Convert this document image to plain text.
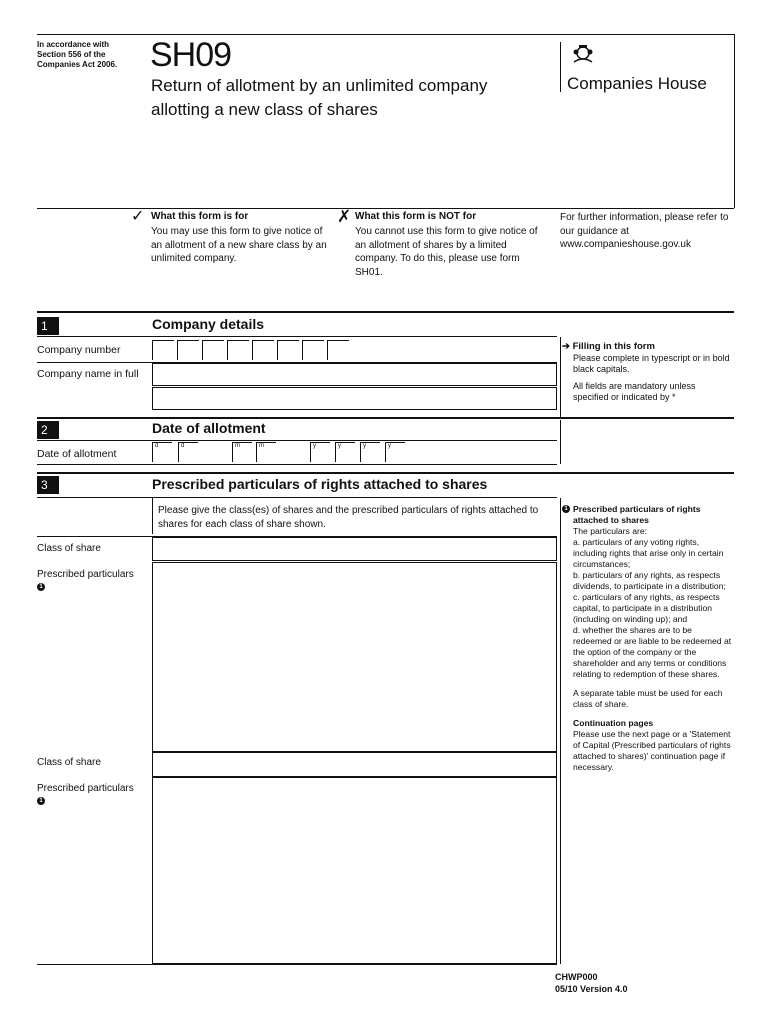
In accordance with Section 556 of the Companies Act 2006. SH09
Return of allotment by an unlimited company
allotting a new class of shares
Companies House
✓ What this form is for
You may use this form to give notice of an allotment of a new share class by an unlimited company.
✗ What this form is NOT for
You cannot use this form to give notice of an allotment of shares by a limited company. To do this, please use form SH01.
For further information, please refer to our guidance at www.companieshouse.gov.uk
1	Company details
Company number
Company name in full
➔ Filling in this form
Please complete in typescript or in bold black capitals.
All fields are mandatory unless specified or indicated by *
2	Date of allotment
Date of allotment
d	d	m	m	y	y	y	y
3	Prescribed particulars of rights attached to shares
Please give the class(es) of shares and the prescribed particulars of rights attached to shares for each class of share shown.
Class of share
Prescribed particulars
1
Class of share
Prescribed particulars
1
1 Prescribed particulars of rights attached to shares
The particulars are:
a. particulars of any voting rights, including rights that arise only in certain circumstances;
b. particulars of any rights, as respects dividends, to participate in a distribution;
c. particulars of any rights, as respects capital, to participate in a distribution (including on winding up); and
d. whether the shares are to be redeemed or are liable to be redeemed at the option of the company or the shareholder and any terms or conditions relating to redemption of these shares.
A separate table must be used for each class of share.
Continuation pages
Please use the next page or a 'Statement of Capital (Prescribed particulars of rights attached to shares)' continuation page if necessary.
CHWP000
05/10 Version 4.0
